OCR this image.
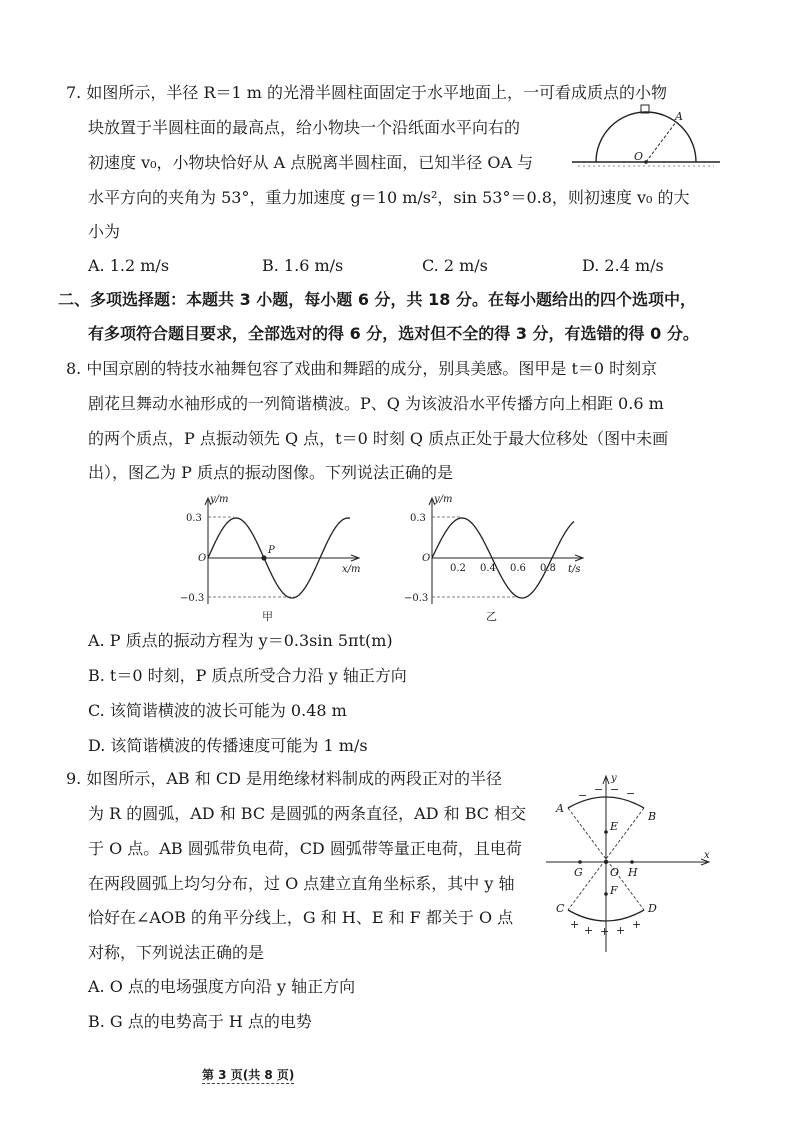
7. 如图所示，半径 R＝1 m 的光滑半圆柱面固定于水平地面上，一可看成质点的小物
块放置于半圆柱面的最高点，给小物块一个沿纸面水平向右的
初速度 v₀，小物块恰好从 A 点脱离半圆柱面，已知半径 OA 与
水平方向的夹角为 53°，重力加速度 g＝10 m/s²，sin 53°＝0.8，则初速度 v₀ 的大
小为
A
O
A. 1.2 m/s	B. 1.6 m/s	C. 2 m/s	D. 2.4 m/s
二、多项选择题：本题共 3 小题，每小题 6 分，共 18 分。在每小题给出的四个选项中，
有多项符合题目要求，全部选对的得 6 分，选对但不全的得 3 分，有选错的得 0 分。
8. 中国京剧的特技水袖舞包容了戏曲和舞蹈的成分，别具美感。图甲是 t＝0 时刻京
剧花旦舞动水袖形成的一列简谐横波。P、Q 为该波沿水平传播方向上相距 0.6 m
的两个质点，P 点振动领先 Q 点，t＝0 时刻 Q 质点正处于最大位移处（图中未画
出），图乙为 P 质点的振动图像。下列说法正确的是
y/m
x/m
0.3
−0.3
O
P
甲
y/m
t/s
0.3
−0.3
O
0.2 0.4 0.6 0.8
乙
A. P 质点的振动方程为 y＝0.3sin 5πt(m)
B. t＝0 时刻，P 质点所受合力沿 y 轴正方向
C. 该简谐横波的波长可能为 0.48 m
D. 该简谐横波的传播速度可能为 1 m/s
9. 如图所示，AB 和 CD 是用绝缘材料制成的两段正对的半径
为 R 的圆弧，AD 和 BC 是圆弧的两条直径，AD 和 BC 相交
于 O 点。AB 圆弧带负电荷，CD 圆弧带等量正电荷，且电荷
在两段圆弧上均匀分布，过 O 点建立直角坐标系，其中 y 轴
恰好在∠AOB 的角平分线上，G 和 H、E 和 F 都关于 O 点
对称，下列说法正确的是
y
x
A
B
C	D
E
F
G	H
O
− − − −
+ + + + +
A. O 点的电场强度方向沿 y 轴正方向
B. G 点的电势高于 H 点的电势
第 3 页(共 8 页)
